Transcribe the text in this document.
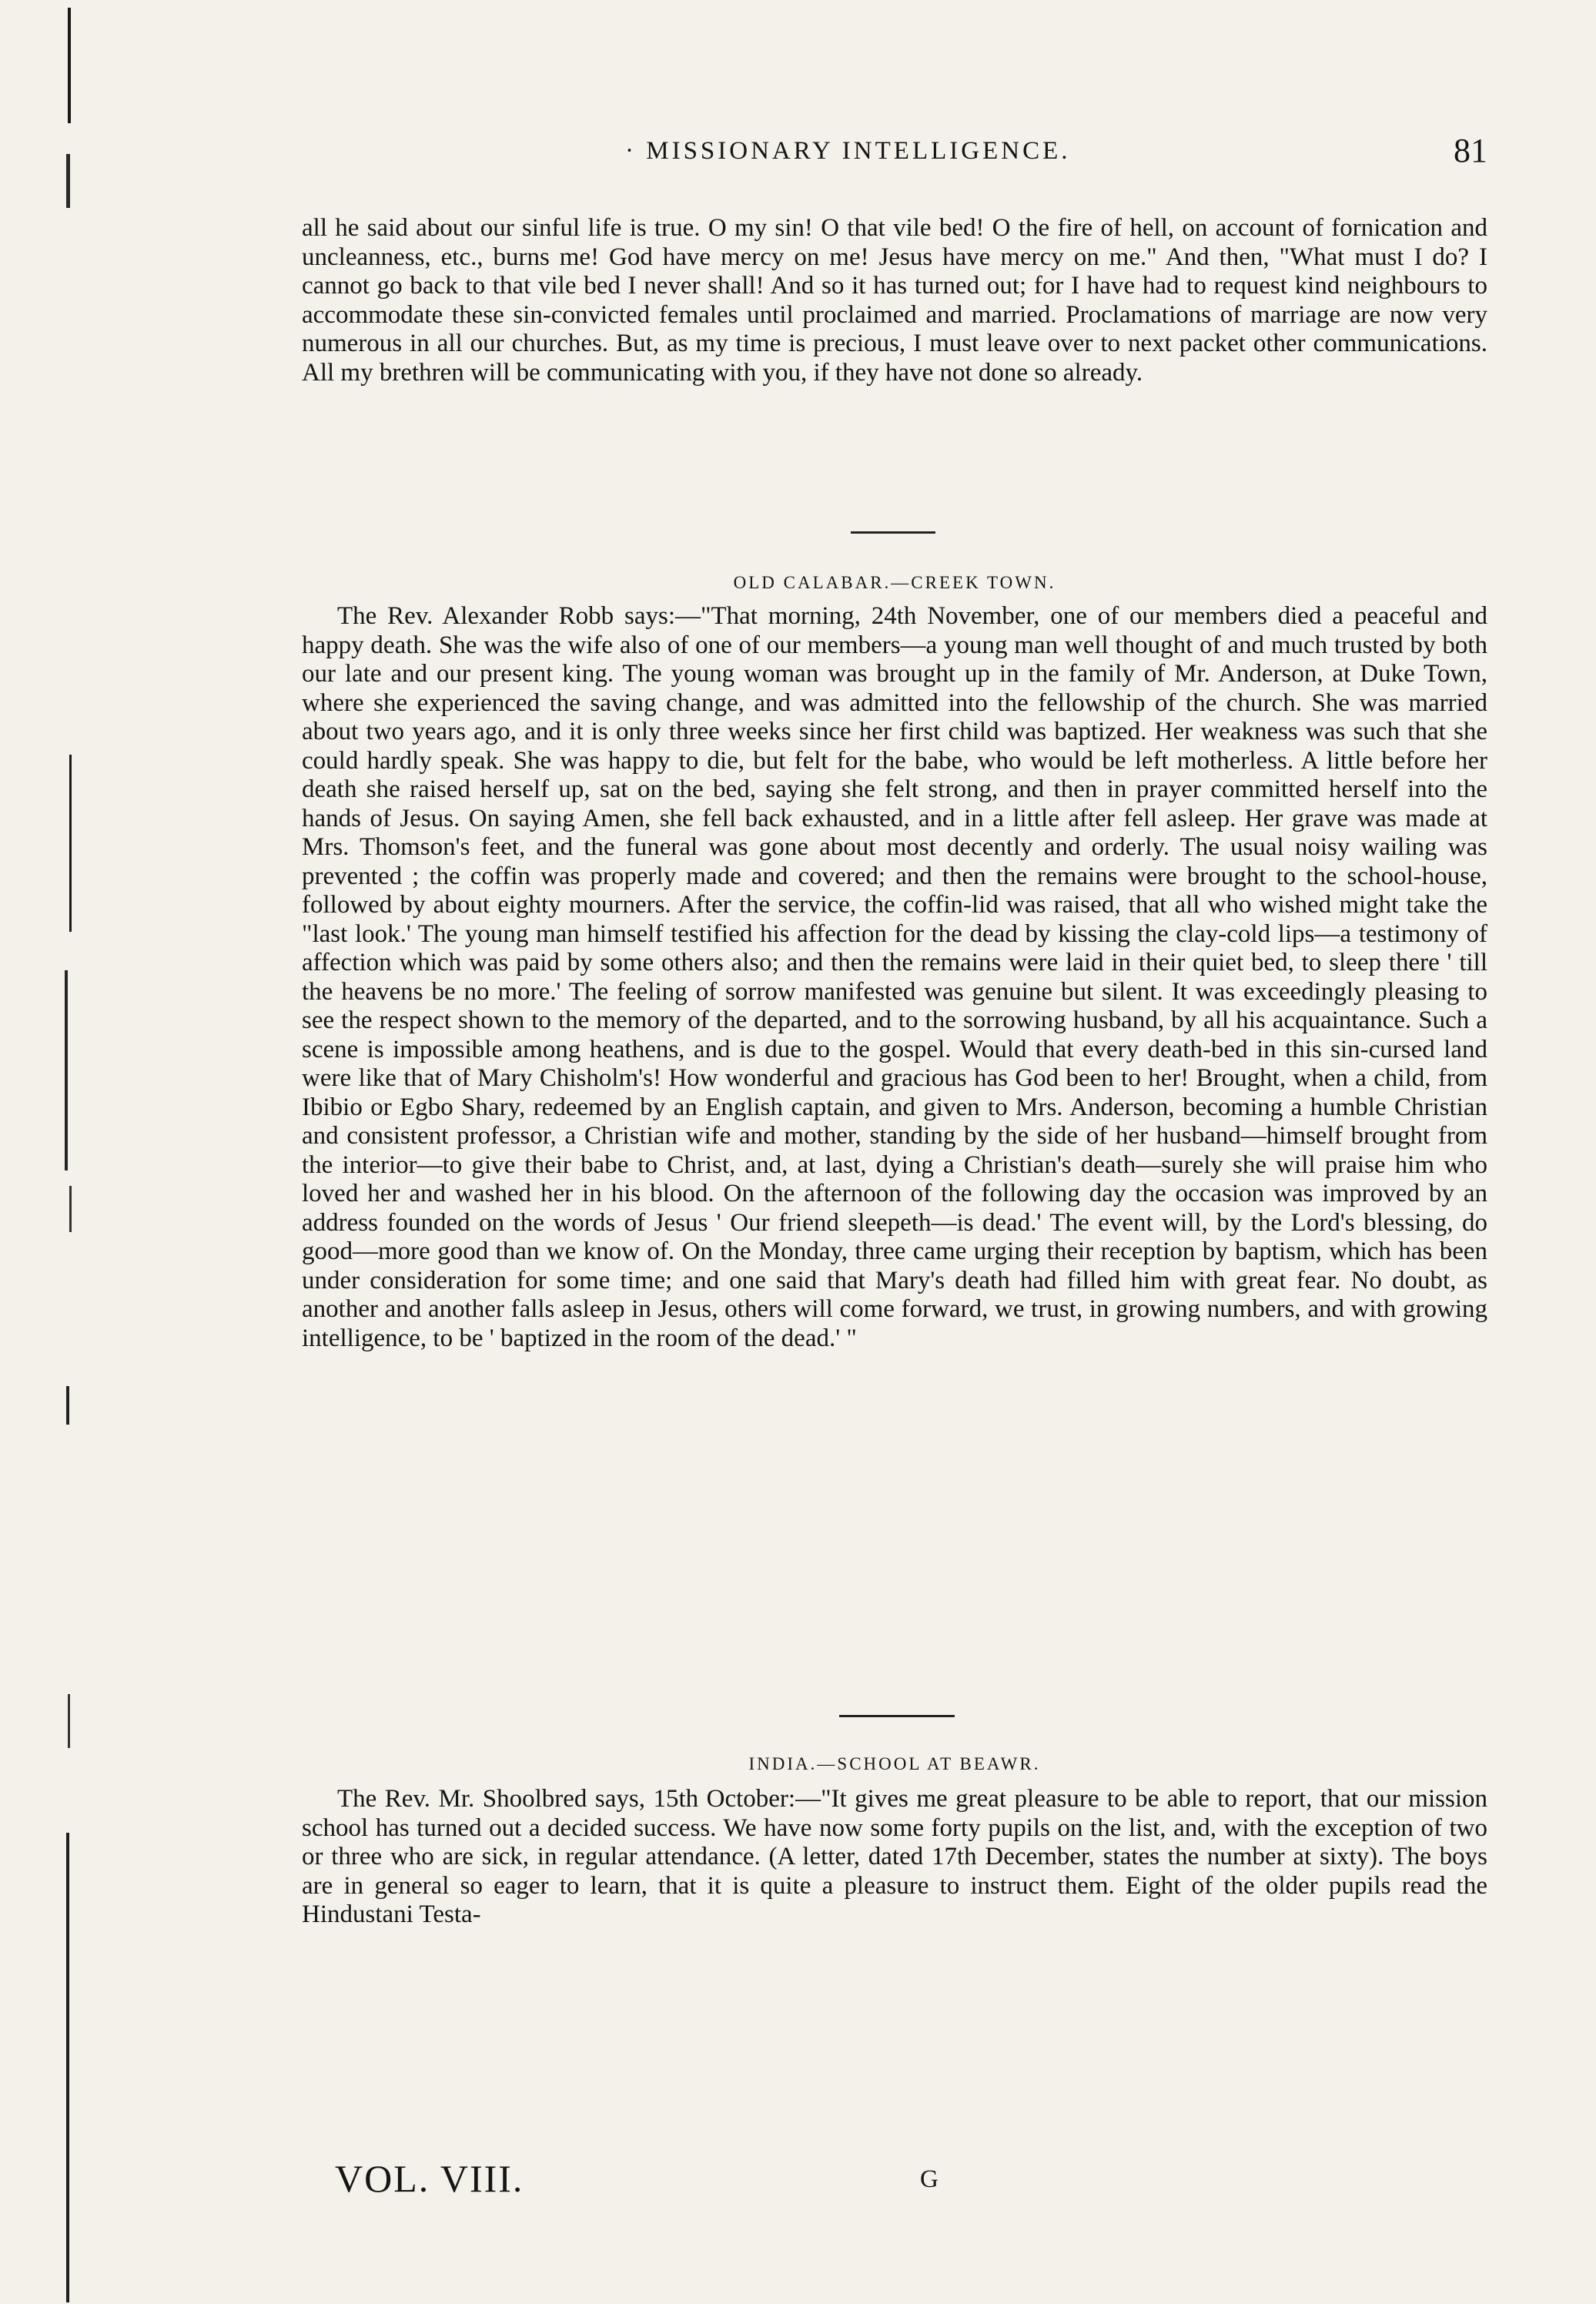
· MISSIONARY INTELLIGENCE.	81

all he said about our sinful life is true. O my sin! O that vile bed! O the fire of hell, on account of fornication and uncleanness, etc., burns me! God have mercy on me! Jesus have mercy on me." And then, "What must I do? I cannot go back to that vile bed I never shall! And so it has turned out; for I have had to request kind neighbours to accommodate these sin-convicted females until proclaimed and married. Proclamations of marriage are now very numerous in all our churches. But, as my time is precious, I must leave over to next packet other communications. All my brethren will be communicating with you, if they have not done so already.

OLD CALABAR.—CREEK TOWN.

The Rev. Alexander Robb says:—"That morning, 24th November, one of our members died a peaceful and happy death. She was the wife also of one of our members—a young man well thought of and much trusted by both our late and our present king. The young woman was brought up in the family of Mr. Anderson, at Duke Town, where she experienced the saving change, and was admitted into the fellowship of the church. She was married about two years ago, and it is only three weeks since her first child was baptized. Her weakness was such that she could hardly speak. She was happy to die, but felt for the babe, who would be left motherless. A little before her death she raised herself up, sat on the bed, saying she felt strong, and then in prayer committed herself into the hands of Jesus. On saying Amen, she fell back exhausted, and in a little after fell asleep. Her grave was made at Mrs. Thomson's feet, and the funeral was gone about most decently and orderly. The usual noisy wailing was prevented ; the coffin was properly made and covered; and then the remains were brought to the school-house, followed by about eighty mourners. After the service, the coffin-lid was raised, that all who wished might take the "last look.' The young man himself testified his affection for the dead by kissing the clay-cold lips—a testimony of affection which was paid by some others also; and then the remains were laid in their quiet bed, to sleep there ' till the heavens be no more.' The feeling of sorrow manifested was genuine but silent. It was exceedingly pleasing to see the respect shown to the memory of the departed, and to the sorrowing husband, by all his acquaintance. Such a scene is impossible among heathens, and is due to the gospel. Would that every death-bed in this sin-cursed land were like that of Mary Chisholm's! How wonderful and gracious has God been to her! Brought, when a child, from Ibibio or Egbo Shary, redeemed by an English captain, and given to Mrs. Anderson, becoming a humble Christian and consistent professor, a Christian wife and mother, standing by the side of her husband—himself brought from the interior—to give their babe to Christ, and, at last, dying a Christian's death—surely she will praise him who loved her and washed her in his blood. On the afternoon of the following day the occasion was improved by an address founded on the words of Jesus ' Our friend sleepeth—is dead.' The event will, by the Lord's blessing, do good—more good than we know of. On the Monday, three came urging their reception by baptism, which has been under consideration for some time; and one said that Mary's death had filled him with great fear. No doubt, as another and another falls asleep in Jesus, others will come forward, we trust, in growing numbers, and with growing intelligence, to be ' baptized in the room of the dead.' "

INDIA.—SCHOOL AT BEAWR.

The Rev. Mr. Shoolbred says, 15th October:—"It gives me great pleasure to be able to report, that our mission school has turned out a decided success. We have now some forty pupils on the list, and, with the exception of two or three who are sick, in regular attendance. (A letter, dated 17th December, states the number at sixty). The boys are in general so eager to learn, that it is quite a pleasure to instruct them. Eight of the older pupils read the Hindustani Testa-

VOL. VIII.	G
